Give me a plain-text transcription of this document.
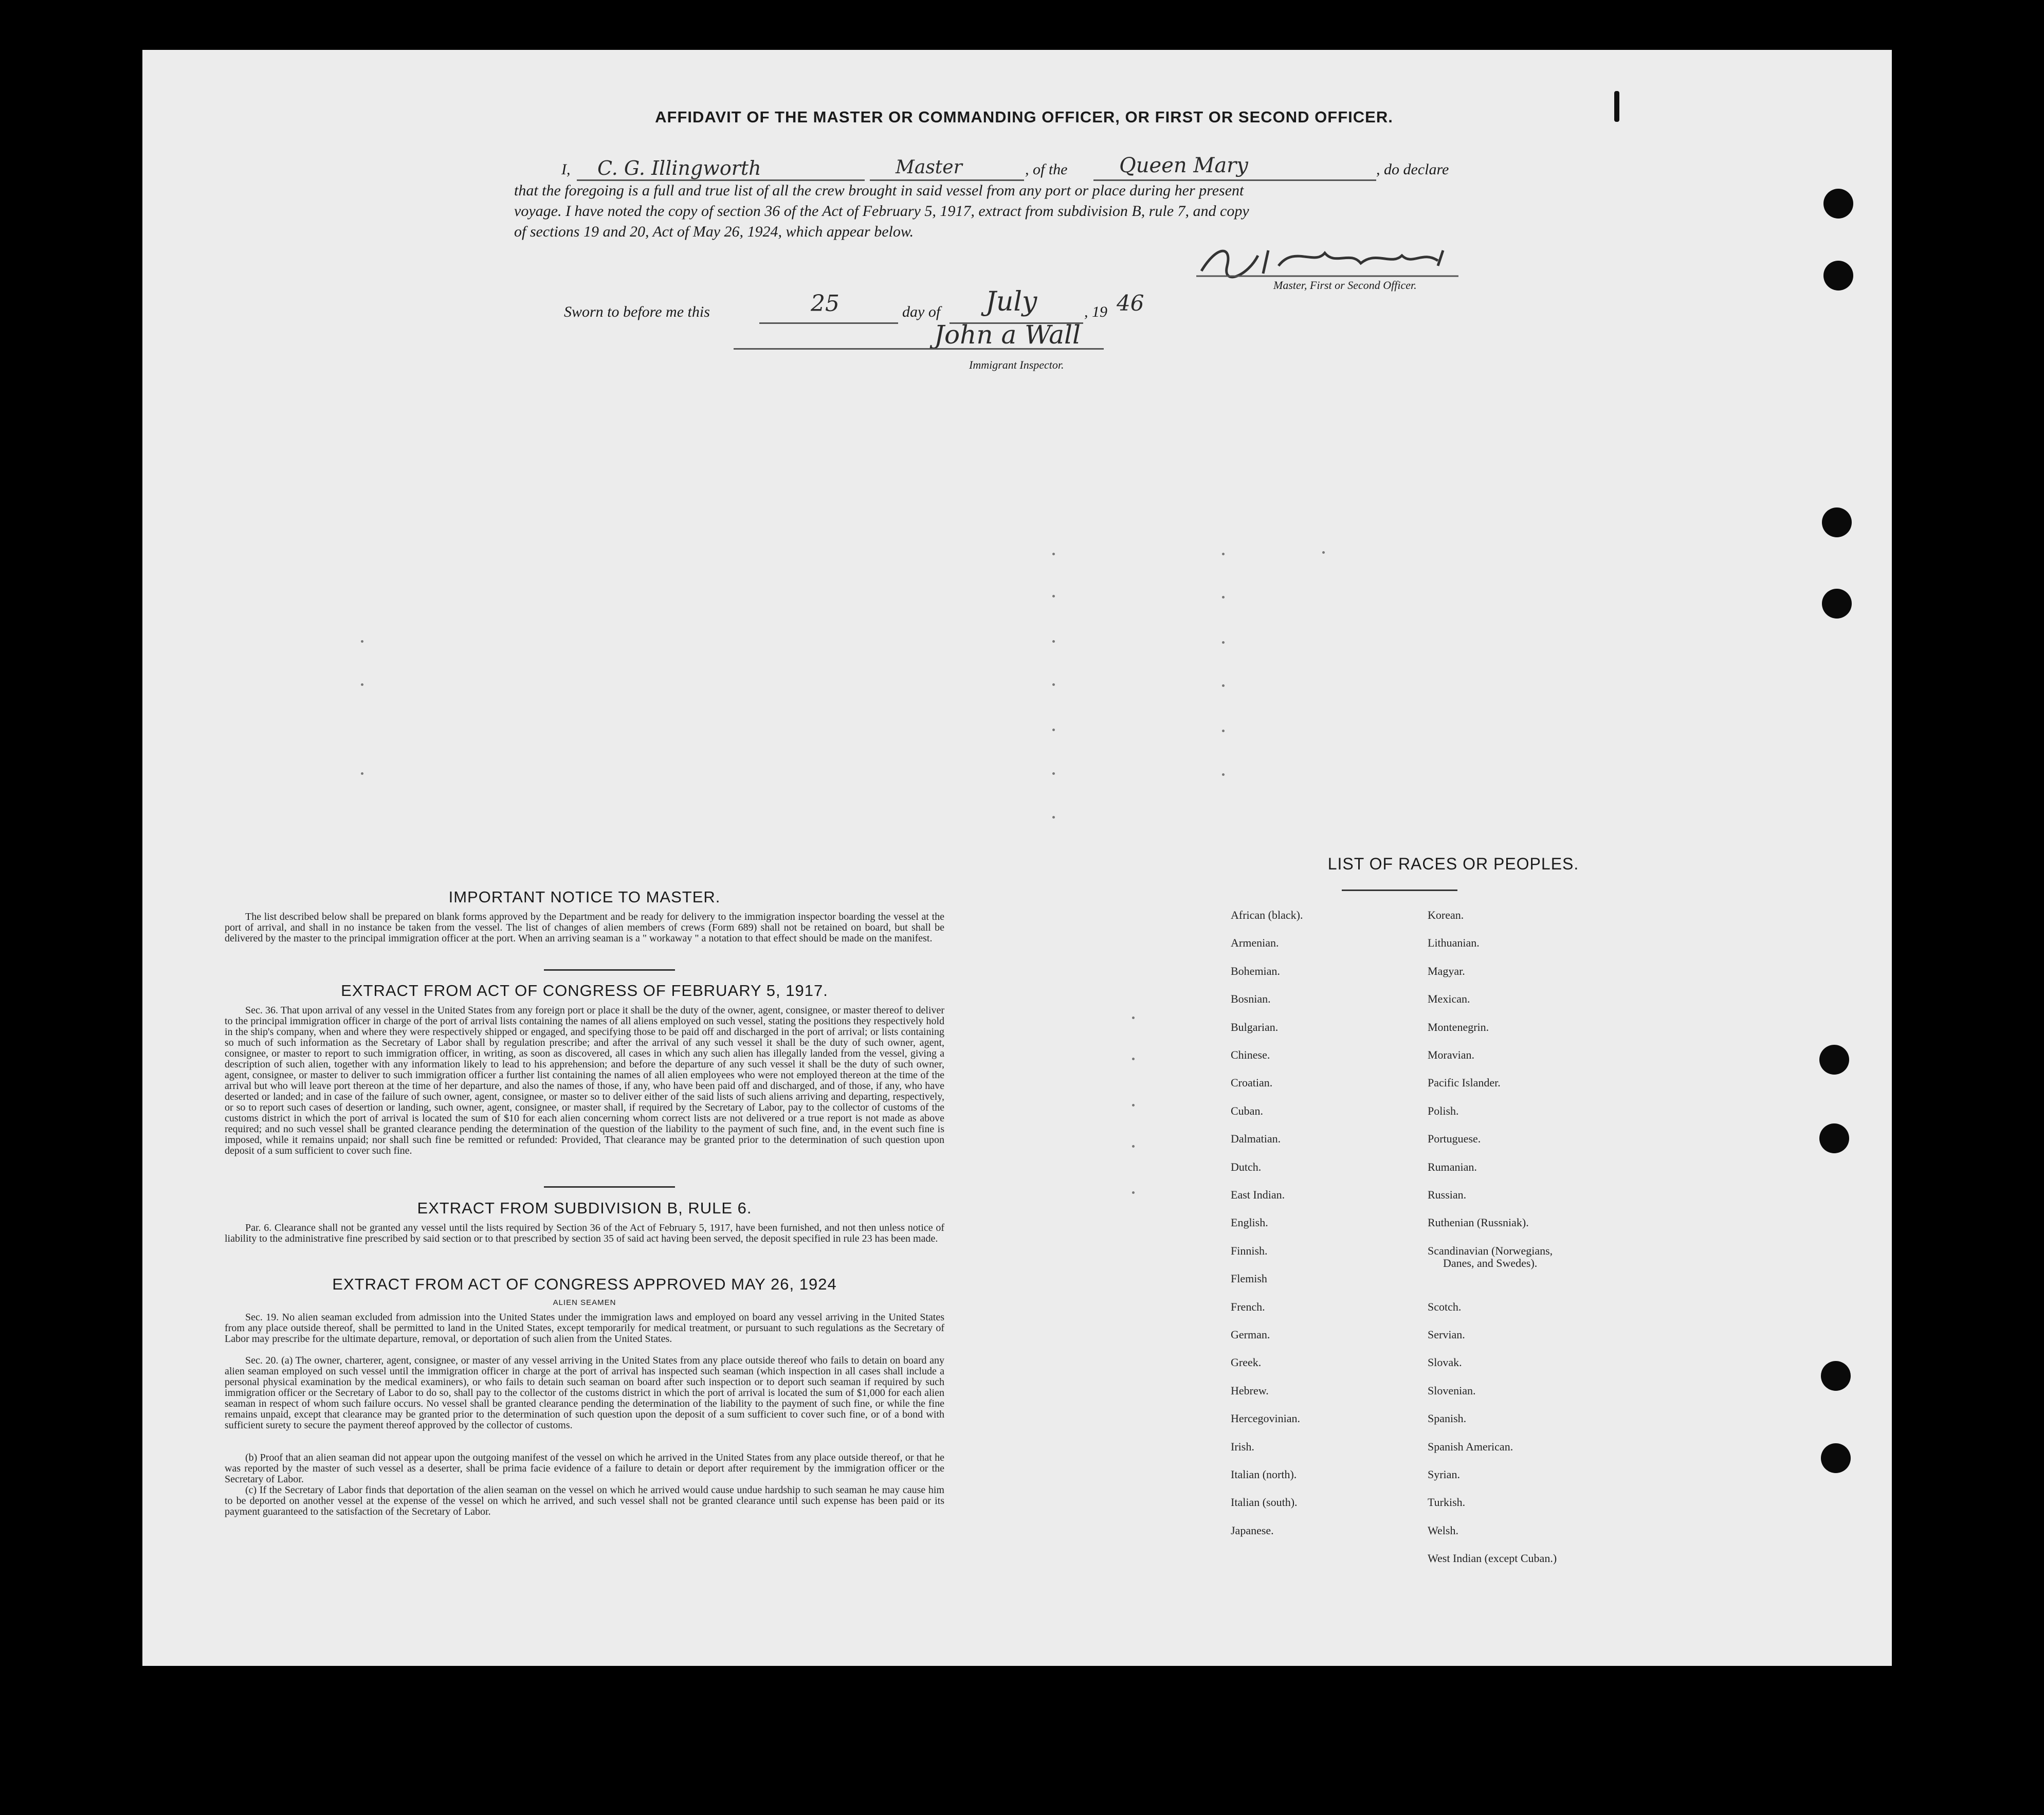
AFFIDAVIT OF THE MASTER OR COMMANDING OFFICER, OR FIRST OR SECOND OFFICER.
I, C. G. Illingworth	Master	, of the	Queen Mary	, do declare
that the foregoing is a full and true list of all the crew brought in said vessel from any port or place during her present
voyage. I have noted the copy of section 36 of the Act of February 5, 1917, extract from subdivision B, rule 7, and copy
of sections 19 and 20, Act of May 26, 1924, which appear below.
Master, First or Second Officer.
Sworn to before me this	25	day of July	, 19 46
John a Wall
Immigrant Inspector.
IMPORTANT NOTICE TO MASTER.
The list described below shall be prepared on blank forms approved by the Department and be ready for delivery to the immigration inspector boarding the vessel at the port of arrival, and shall in no instance be taken from the vessel. The list of changes of alien members of crews (Form 689) shall not be retained on board, but shall be delivered by the master to the principal immigration officer at the port. When an arriving seaman is a " workaway " a notation to that effect should be made on the manifest.
EXTRACT FROM ACT OF CONGRESS OF FEBRUARY 5, 1917.
Sec. 36. That upon arrival of any vessel in the United States from any foreign port or place it shall be the duty of the owner, agent, consignee, or master thereof to deliver to the principal immigration officer in charge of the port of arrival lists containing the names of all aliens employed on such vessel, stating the positions they respectively hold in the ship's company, when and where they were respectively shipped or engaged, and specifying those to be paid off and discharged in the port of arrival; or lists containing so much of such information as the Secretary of Labor shall by regulation prescribe; and after the arrival of any such vessel it shall be the duty of such owner, agent, consignee, or master to report to such immigration officer, in writing, as soon as discovered, all cases in which any such alien has illegally landed from the vessel, giving a description of such alien, together with any information likely to lead to his apprehension; and before the departure of any such vessel it shall be the duty of such owner, agent, consignee, or master to deliver to such immigration officer a further list containing the names of all alien employees who were not employed thereon at the time of the arrival but who will leave port thereon at the time of her departure, and also the names of those, if any, who have been paid off and discharged, and of those, if any, who have deserted or landed; and in case of the failure of such owner, agent, consignee, or master so to deliver either of the said lists of such aliens arriving and departing, respectively, or so to report such cases of desertion or landing, such owner, agent, consignee, or master shall, if required by the Secretary of Labor, pay to the collector of customs of the customs district in which the port of arrival is located the sum of $10 for each alien concerning whom correct lists are not delivered or a true report is not made as above required; and no such vessel shall be granted clearance pending the determination of the question of the liability to the payment of such fine, and, in the event such fine is imposed, while it remains unpaid; nor shall such fine be remitted or refunded: Provided, That clearance may be granted prior to the determination of such question upon deposit of a sum sufficient to cover such fine.
EXTRACT FROM SUBDIVISION B, RULE 6.
Par. 6. Clearance shall not be granted any vessel until the lists required by Section 36 of the Act of February 5, 1917, have been furnished, and not then unless notice of liability to the administrative fine prescribed by said section or to that prescribed by section 35 of said act having been served, the deposit specified in rule 23 has been made.
EXTRACT FROM ACT OF CONGRESS APPROVED MAY 26, 1924
ALIEN SEAMEN
Sec. 19. No alien seaman excluded from admission into the United States under the immigration laws and employed on board any vessel arriving in the United States from any place outside thereof, shall be permitted to land in the United States, except temporarily for medical treatment, or pursuant to such regulations as the Secretary of Labor may prescribe for the ultimate departure, removal, or deportation of such alien from the United States.
Sec. 20. (a) The owner, charterer, agent, consignee, or master of any vessel arriving in the United States from any place outside thereof who fails to detain on board any alien seaman employed on such vessel until the immigration officer in charge at the port of arrival has inspected such seaman (which inspection in all cases shall include a personal physical examination by the medical examiners), or who fails to detain such seaman on board after such inspection or to deport such seaman if required by such immigration officer or the Secretary of Labor to do so, shall pay to the collector of the customs district in which the port of arrival is located the sum of $1,000 for each alien seaman in respect of whom such failure occurs. No vessel shall be granted clearance pending the determination of the liability to the payment of such fine, or while the fine remains unpaid, except that clearance may be granted prior to the determination of such question upon the deposit of a sum sufficient to cover such fine, or of a bond with sufficient surety to secure the payment thereof approved by the collector of customs.
(b) Proof that an alien seaman did not appear upon the outgoing manifest of the vessel on which he arrived in the United States from any place outside thereof, or that he was reported by the master of such vessel as a deserter, shall be prima facie evidence of a failure to detain or deport after requirement by the immigration officer or the Secretary of Labor.
(c) If the Secretary of Labor finds that deportation of the alien seaman on the vessel on which he arrived would cause undue hardship to such seaman he may cause him to be deported on another vessel at the expense of the vessel on which he arrived, and such vessel shall not be granted clearance until such expense has been paid or its payment guaranteed to the satisfaction of the Secretary of Labor.
LIST OF RACES OR PEOPLES.
African (black).
Armenian.
Bohemian.
Bosnian.
Bulgarian.
Chinese.
Croatian.
Cuban.
Dalmatian.
Dutch.
East Indian.
English.
Finnish.
Flemish
French.
German.
Greek.
Hebrew.
Hercegovinian.
Irish.
Italian (north).
Italian (south).
Japanese.
Korean.
Lithuanian.
Magyar.
Mexican.
Montenegrin.
Moravian.
Pacific Islander.
Polish.
Portuguese.
Rumanian.
Russian.
Ruthenian (Russniak).
Scandinavian (Norwegians,
Danes, and Swedes).
Scotch.
Servian.
Slovak.
Slovenian.
Spanish.
Spanish American.
Syrian.
Turkish.
Welsh.
West Indian (except Cuban.)
